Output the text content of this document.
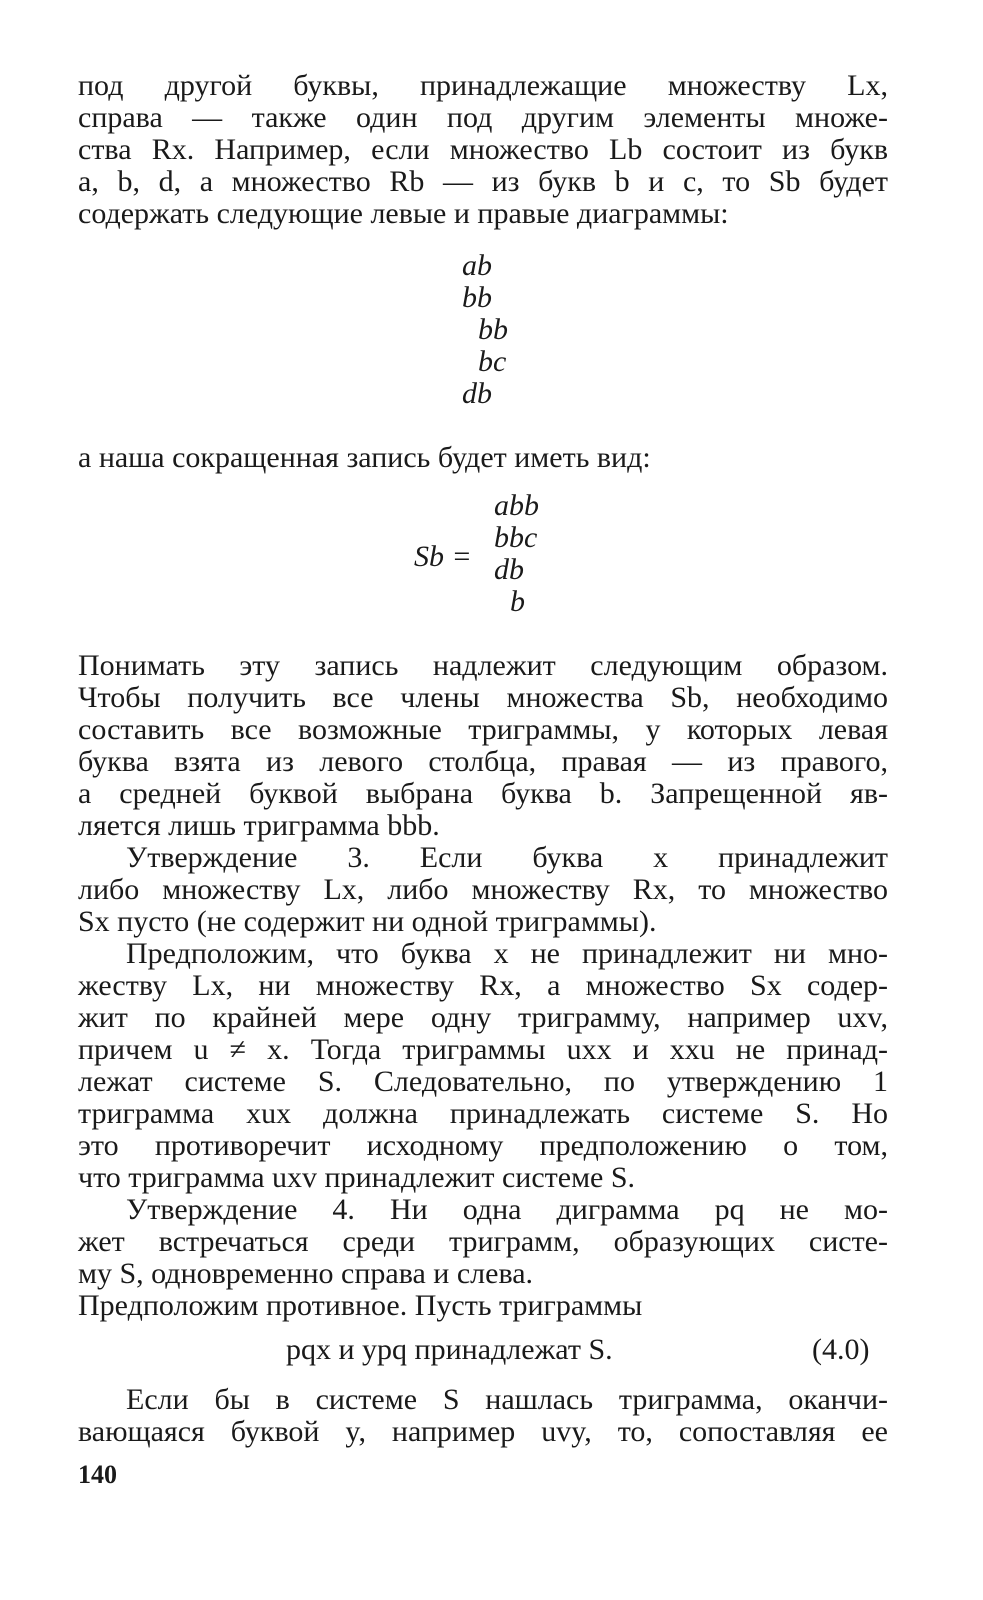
под другой буквы, принадлежащие множеству Lx,
справа — также один под другим элементы множе-
ства Rx. Например, если множество Lb состоит из букв
a, b, d, а множество Rb — из букв b и c, то Sb будет
содержать следующие левые и правые диаграммы:
ab
bb
bb
bc
db
а наша сокращенная запись будет иметь вид:
Sb =
abb
bbc
db
b
Понимать эту запись надлежит следующим образом.
Чтобы получить все члены множества Sb, необходимо
составить все возможные триграммы, у которых левая
буква взята из левого столбца, правая — из правого,
а средней буквой выбрана буква b. Запрещенной яв-
ляется лишь триграмма bbb.
Утверждение 3. Если буква x принадлежит
либо множеству Lx, либо множеству Rx, то множество
Sx пусто (не содержит ни одной триграммы).
Предположим, что буква x не принадлежит ни мно-
жеству Lx, ни множеству Rx, а множество Sx содер-
жит по крайней мере одну триграмму, например uxv,
причем u ≠ x. Тогда триграммы uxx и xxu не принад-
лежат системе S. Следовательно, по утверждению 1
триграмма xux должна принадлежать системе S. Но
это противоречит исходному предположению о том,
что триграмма uxv принадлежит системе S.
Утверждение 4. Ни одна диграмма pq не мо-
жет встречаться среди триграмм, образующих систе-
му S, одновременно справа и слева.
Предположим противное. Пусть триграммы
pqx и ypq принадлежат S.	(4.0)
Если бы в системе S нашлась триграмма, оканчи-
вающаяся буквой y, например uvy, то, сопоставляя ее
140
